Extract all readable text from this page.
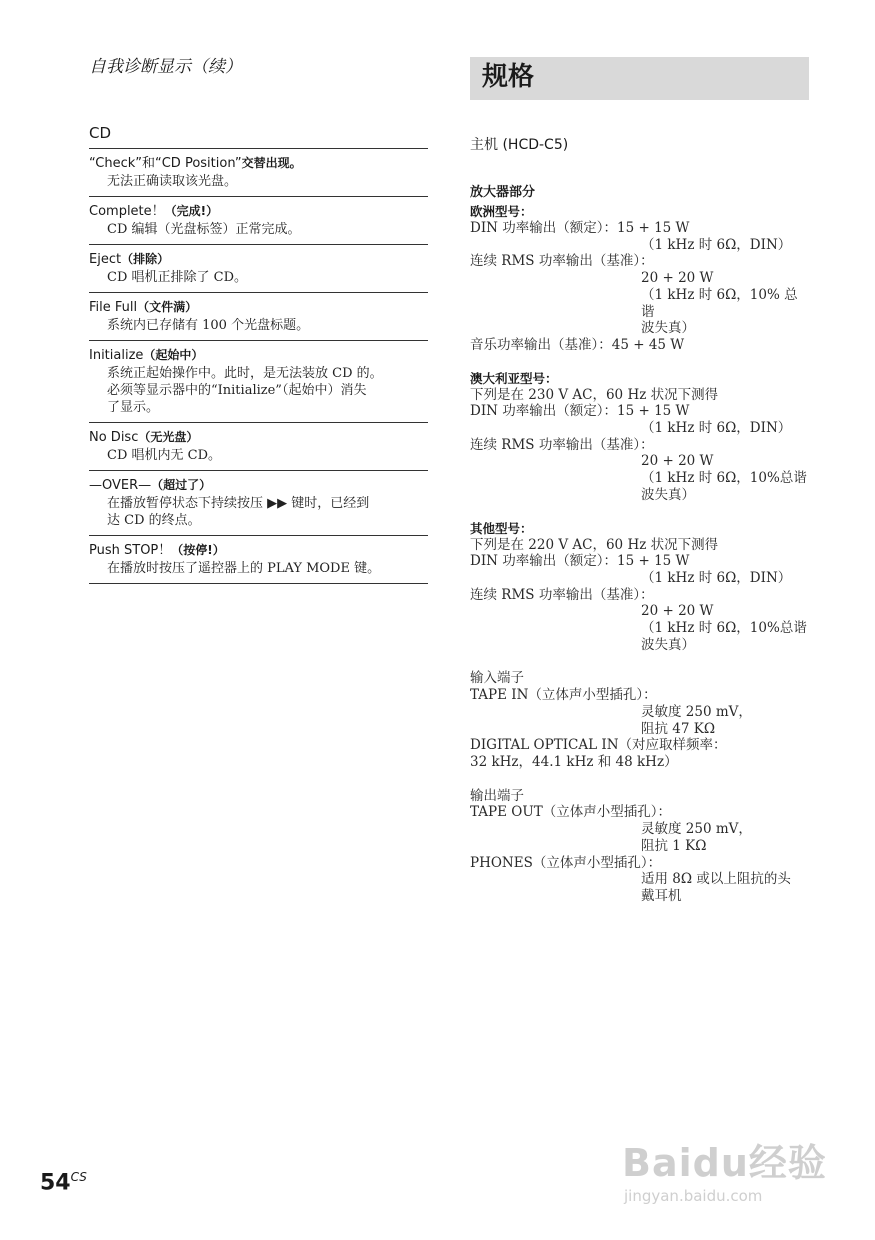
自我诊断显示（续）
CD
“Check”和“CD Position”交替出现。
无法正确读取该光盘。
Complete！（完成!）
CD 编辑（光盘标签）正常完成。
Eject（排除）
CD 唱机正排除了 CD。
File Full（文件满）
系统内已存储有 100 个光盘标题。
Initialize（起始中）
系统正起始操作中。此时，是无法装放 CD 的。
必须等显示器中的“Initialize”（起始中）消失
了显示。
No Disc（无光盘）
CD 唱机内无 CD。
—OVER—（超过了）
在播放暂停状态下持续按压 ▶▶ 键时，已经到
达 CD 的终点。
Push STOP！（按停!）
在播放时按压了遥控器上的 PLAY MODE 键。
规格
主机 (HCD-C5)
放大器部分
欧洲型号：
DIN 功率输出（额定）： 15 + 15 W
（1 kHz 时 6Ω，DIN）
连续 RMS 功率输出（基准）：
20 + 20 W
（1 kHz 时 6Ω，10% 总谐
波失真）
音乐功率输出（基准）： 45 + 45 W
澳大利亚型号：
下列是在 230 V AC，60 Hz 状况下测得
DIN 功率输出（额定）： 15 + 15 W
（1 kHz 时 6Ω，DIN）
连续 RMS 功率输出（基准）：
20 + 20 W
（1 kHz 时 6Ω，10%总谐
波失真）
其他型号：
下列是在 220 V AC，60 Hz 状况下测得
DIN 功率输出（额定）： 15 + 15 W
（1 kHz 时 6Ω，DIN）
连续 RMS 功率输出（基准）：
20 + 20 W
（1 kHz 时 6Ω，10%总谐
波失真）
输入端子
TAPE IN（立体声小型插孔）：
灵敏度 250 mV，
阻抗 47 KΩ
DIGITAL OPTICAL IN（对应取样频率：
32 kHz，44.1 kHz 和 48 kHz）
输出端子
TAPE OUT（立体声小型插孔）：
灵敏度 250 mV，
阻抗 1 KΩ
PHONES（立体声小型插孔）：
适用 8Ω 或以上阻抗的头
戴耳机
$54^{CS}$	Baidu经验
jingyan.baidu.com
